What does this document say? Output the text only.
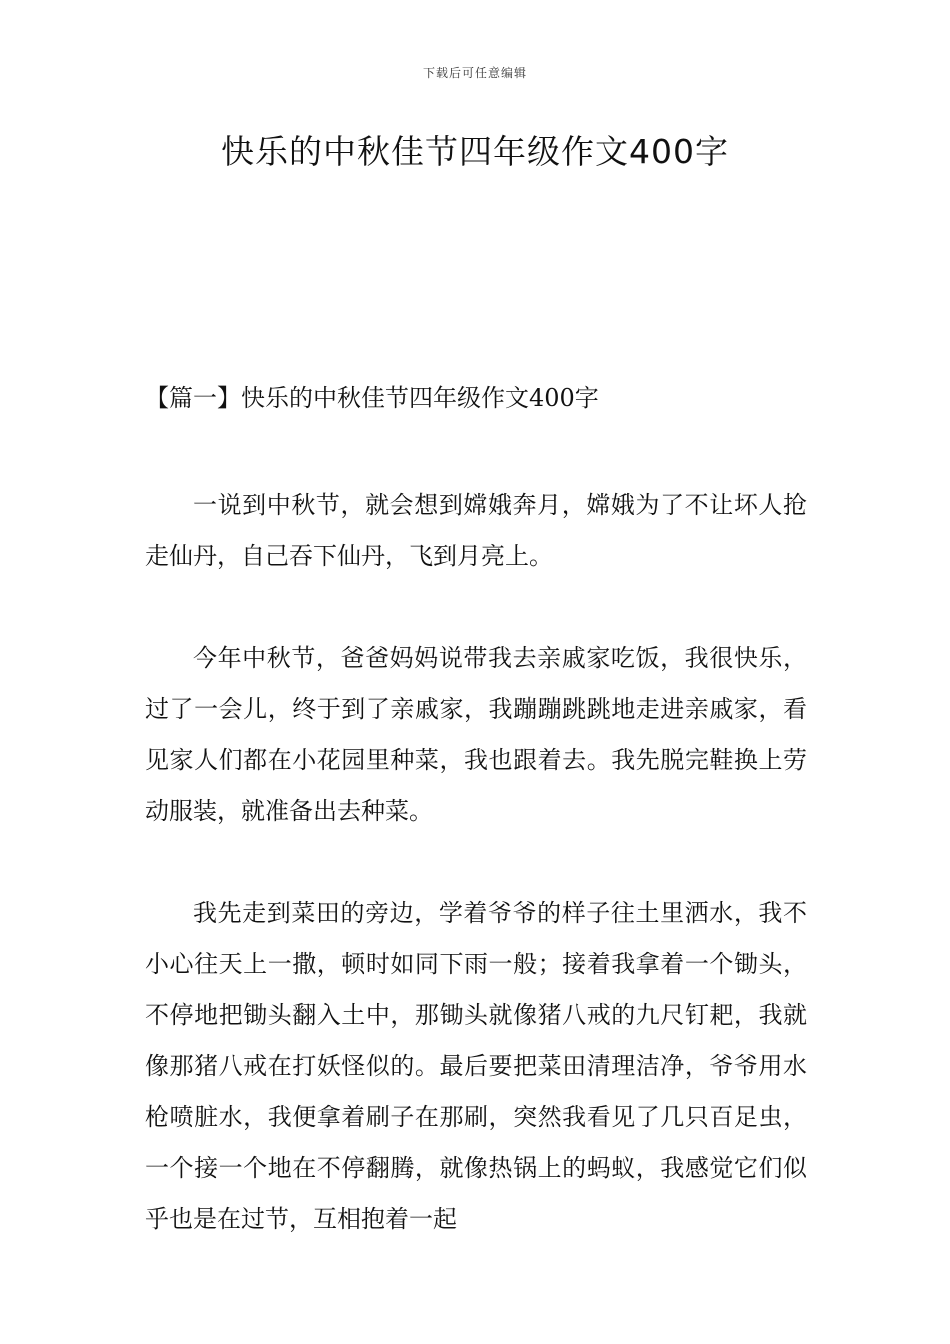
下载后可任意编辑
快乐的中秋佳节四年级作文400字

【篇一】快乐的中秋佳节四年级作文400字

一说到中秋节，就会想到嫦娥奔月，嫦娥为了不让坏人抢走仙丹，自己吞下仙丹，飞到月亮上。

今年中秋节，爸爸妈妈说带我去亲戚家吃饭，我很快乐，过了一会儿，终于到了亲戚家，我蹦蹦跳跳地走进亲戚家，看见家人们都在小花园里种菜，我也跟着去。我先脱完鞋换上劳动服装，就准备出去种菜。

我先走到菜田的旁边，学着爷爷的样子往土里洒水，我不小心往天上一撒，顿时如同下雨一般；接着我拿着一个锄头，不停地把锄头翻入土中，那锄头就像猪八戒的九尺钉耙，我就像那猪八戒在打妖怪似的。最后要把菜田清理洁净，爷爷用水枪喷脏水，我便拿着刷子在那刷，突然我看见了几只百足虫，一个接一个地在不停翻腾，就像热锅上的蚂蚁，我感觉它们似乎也是在过节，互相抱着一起
